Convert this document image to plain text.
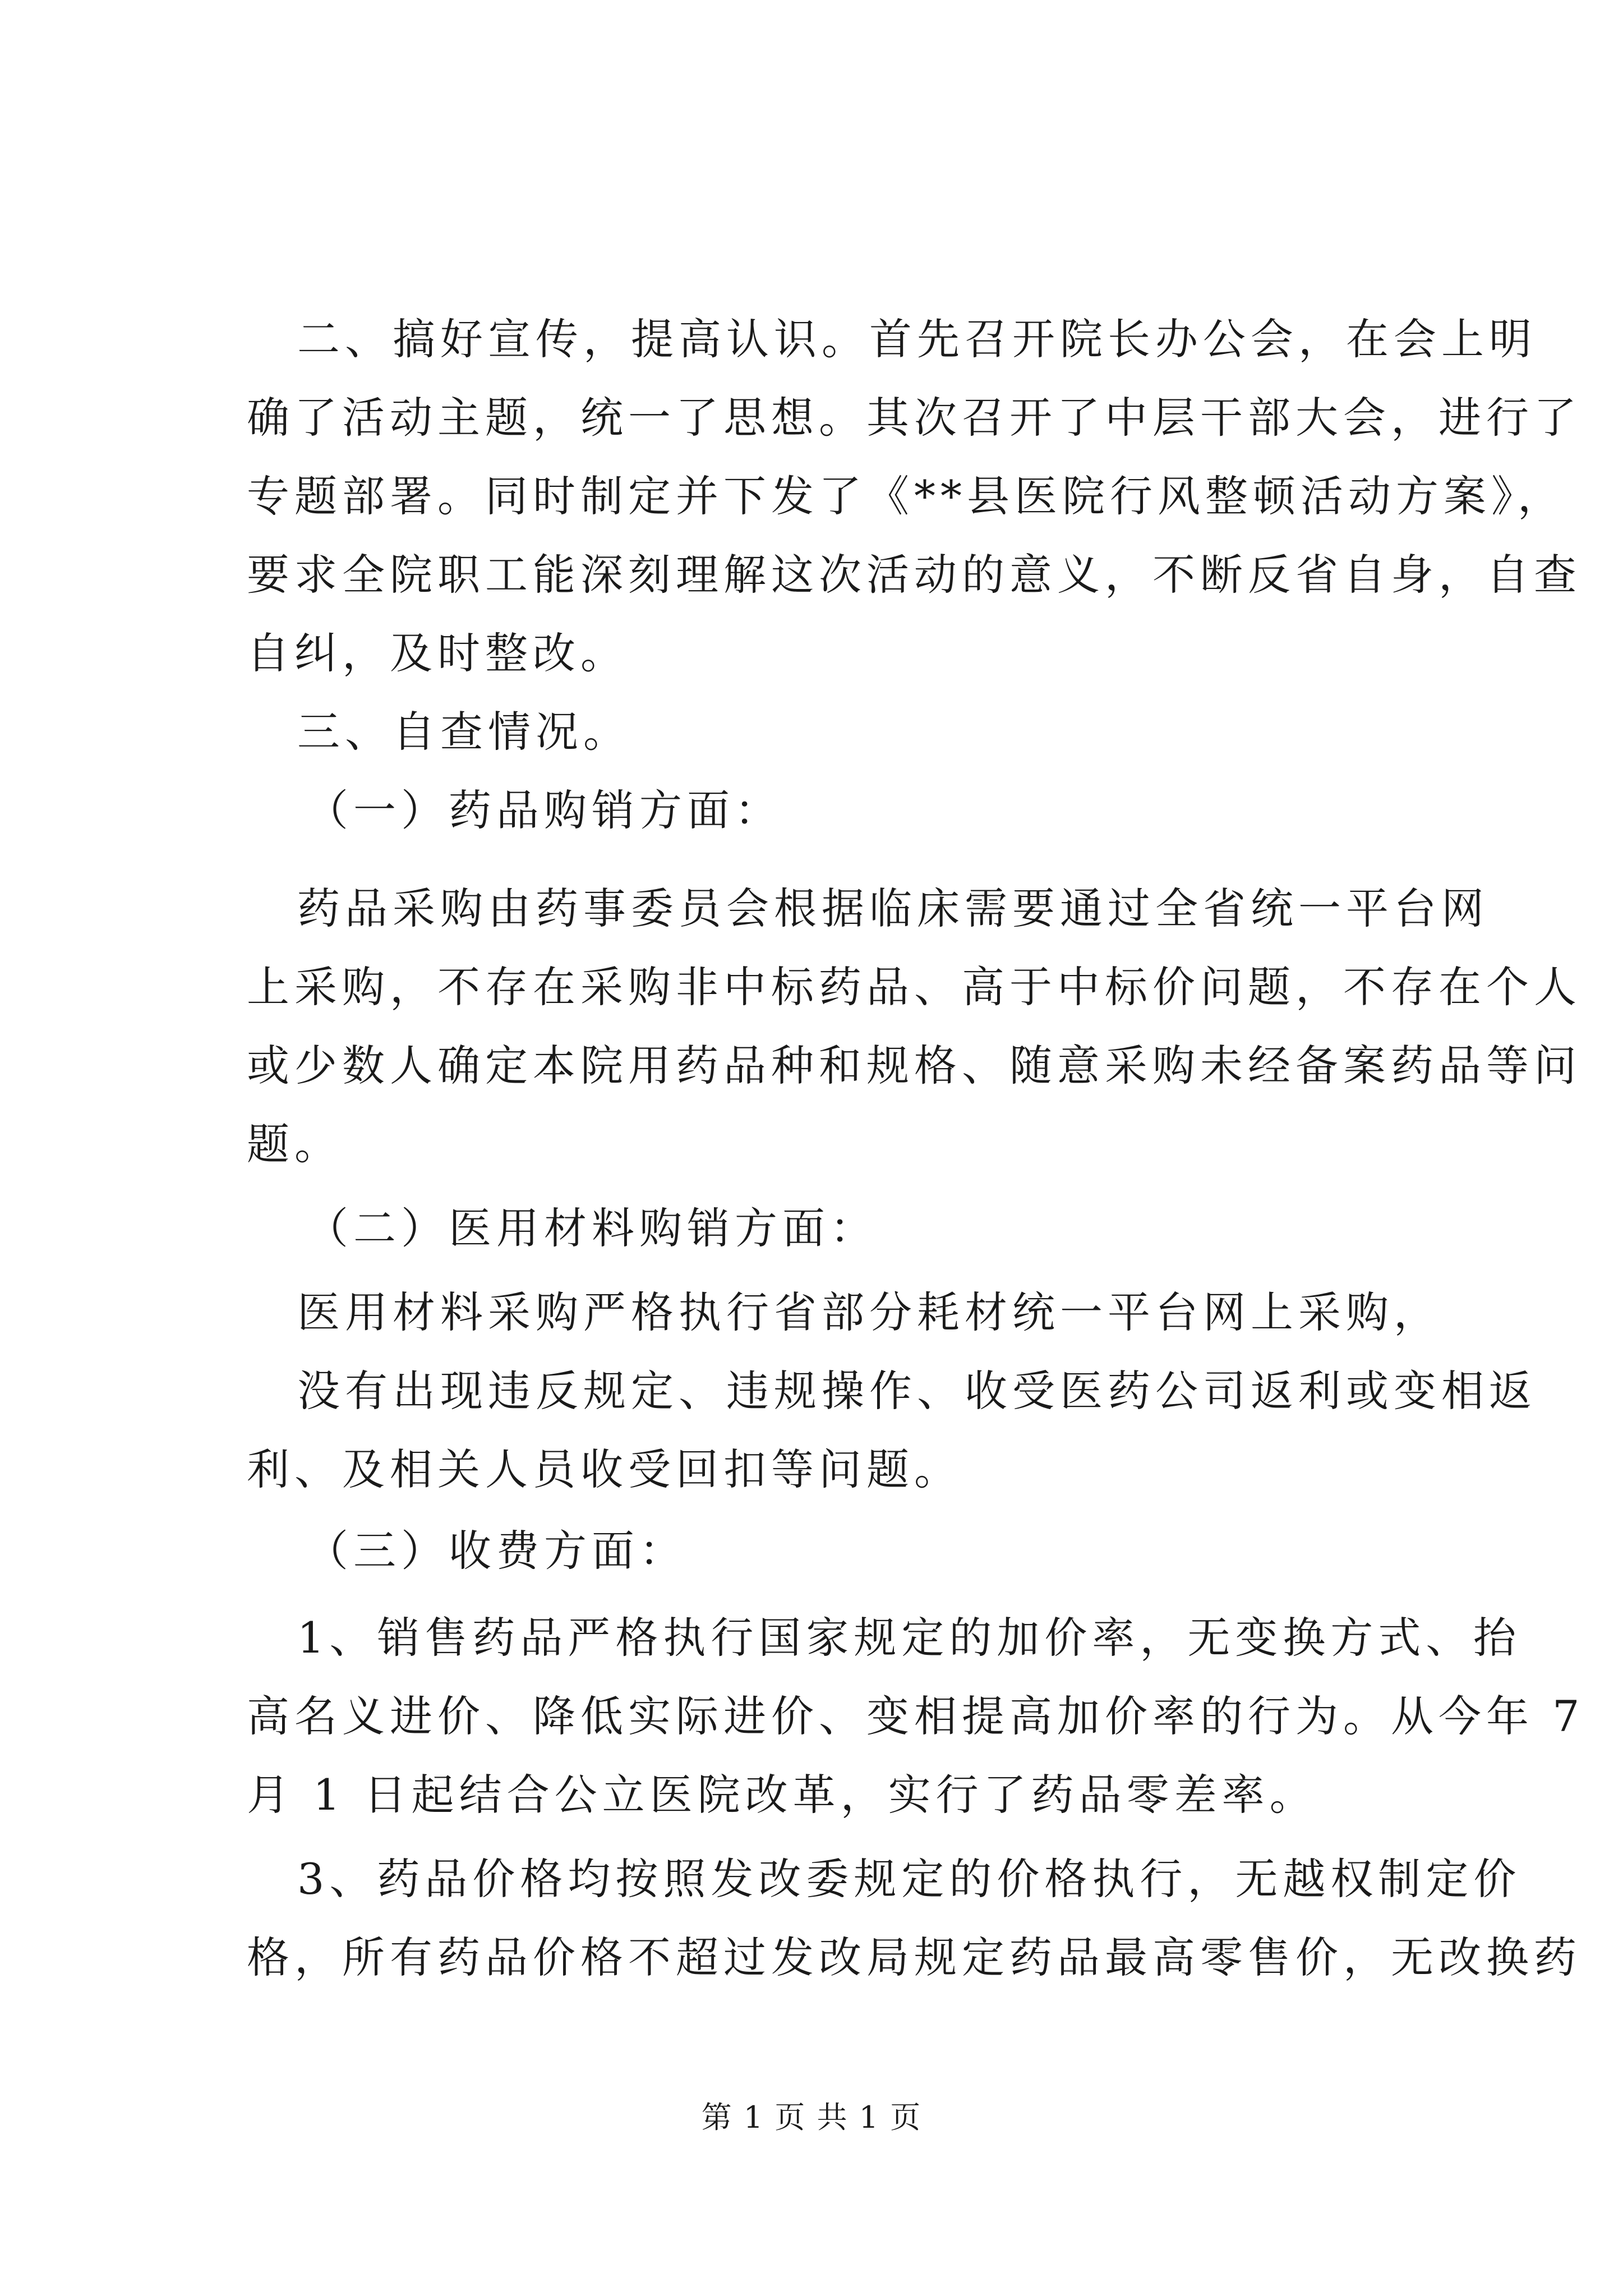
二、搞好宣传，提高认识。首先召开院长办公会，在会上明
确了活动主题，统一了思想。其次召开了中层干部大会，进行了
专题部署。同时制定并下发了《**县医院行风整顿活动方案》，
要求全院职工能深刻理解这次活动的意义，不断反省自身，自查
自纠，及时整改。
三、自查情况。
（一）药品购销方面：
药品采购由药事委员会根据临床需要通过全省统一平台网
上采购，不存在采购非中标药品、高于中标价问题，不存在个人
或少数人确定本院用药品种和规格、随意采购未经备案药品等问
题。
（二）医用材料购销方面：
医用材料采购严格执行省部分耗材统一平台网上采购，
没有出现违反规定、违规操作、收受医药公司返利或变相返
利、及相关人员收受回扣等问题。
（三）收费方面：
1、销售药品严格执行国家规定的加价率，无变换方式、抬
高名义进价、降低实际进价、变相提高加价率的行为。从今年 7
月 1 日起结合公立医院改革，实行了药品零差率。
3、药品价格均按照发改委规定的价格执行，无越权制定价
格，所有药品价格不超过发改局规定药品最高零售价，无改换药
第 1 页 共 1 页
